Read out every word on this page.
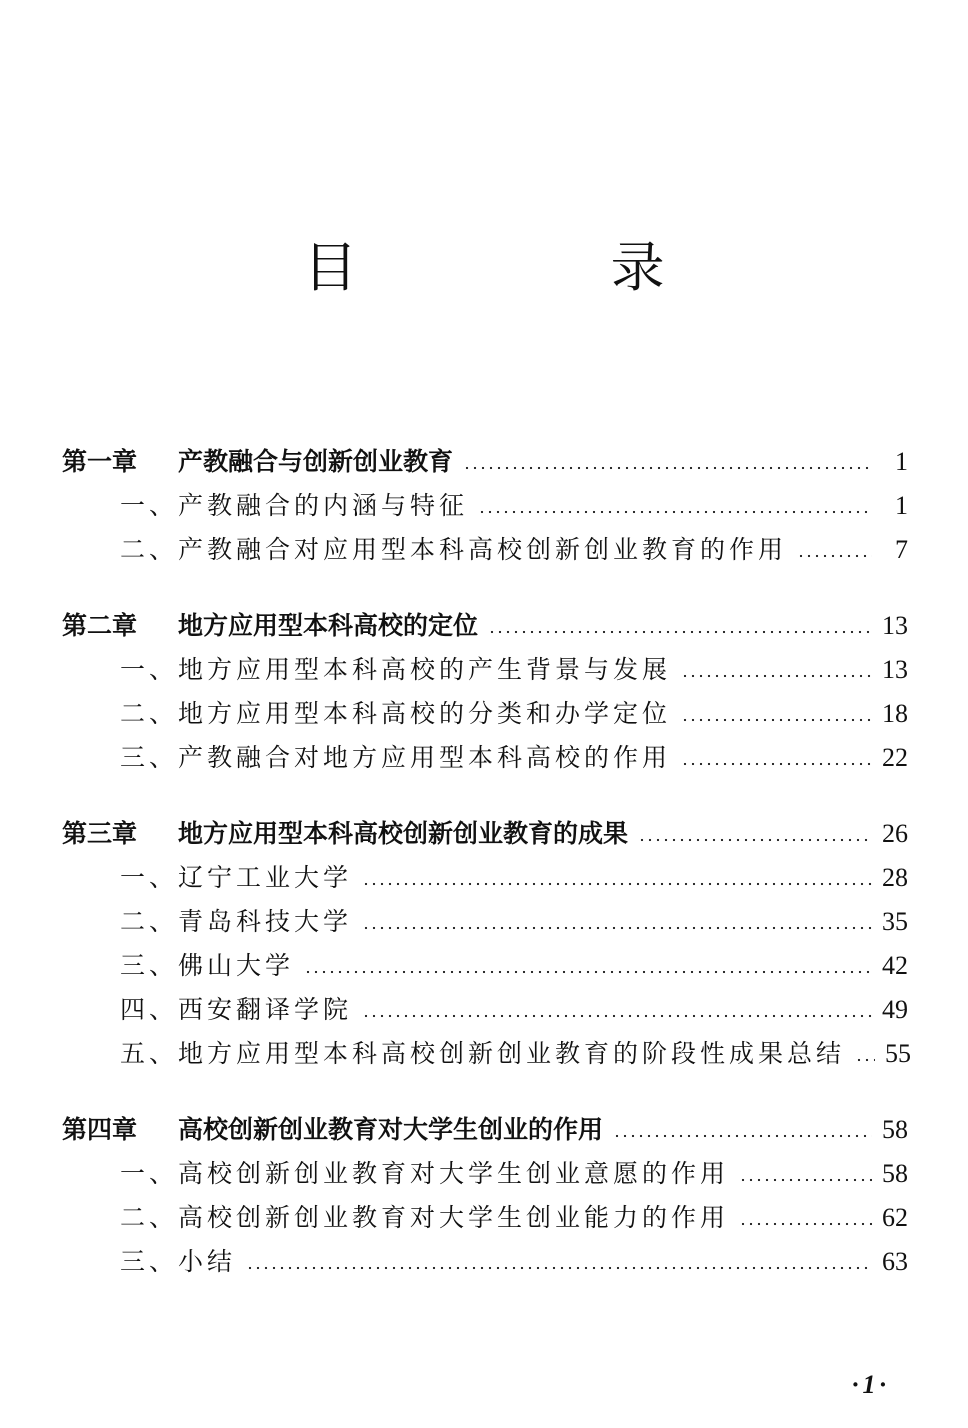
目 录
第一章	产教融合与创新创业教育	1
一、产教融合的内涵与特征	1
二、产教融合对应用型本科高校创新创业教育的作用	7
第二章	地方应用型本科高校的定位	13
一、地方应用型本科高校的产生背景与发展	13
二、地方应用型本科高校的分类和办学定位	18
三、产教融合对地方应用型本科高校的作用	22
第三章	地方应用型本科高校创新创业教育的成果	26
一、辽宁工业大学	28
二、青岛科技大学	35
三、佛山大学	42
四、西安翻译学院	49
五、地方应用型本科高校创新创业教育的阶段性成果总结 55
第四章	高校创新创业教育对大学生创业的作用	58
一、高校创新创业教育对大学生创业意愿的作用	58
二、高校创新创业教育对大学生创业能力的作用	62
三、小结	63
·1·
